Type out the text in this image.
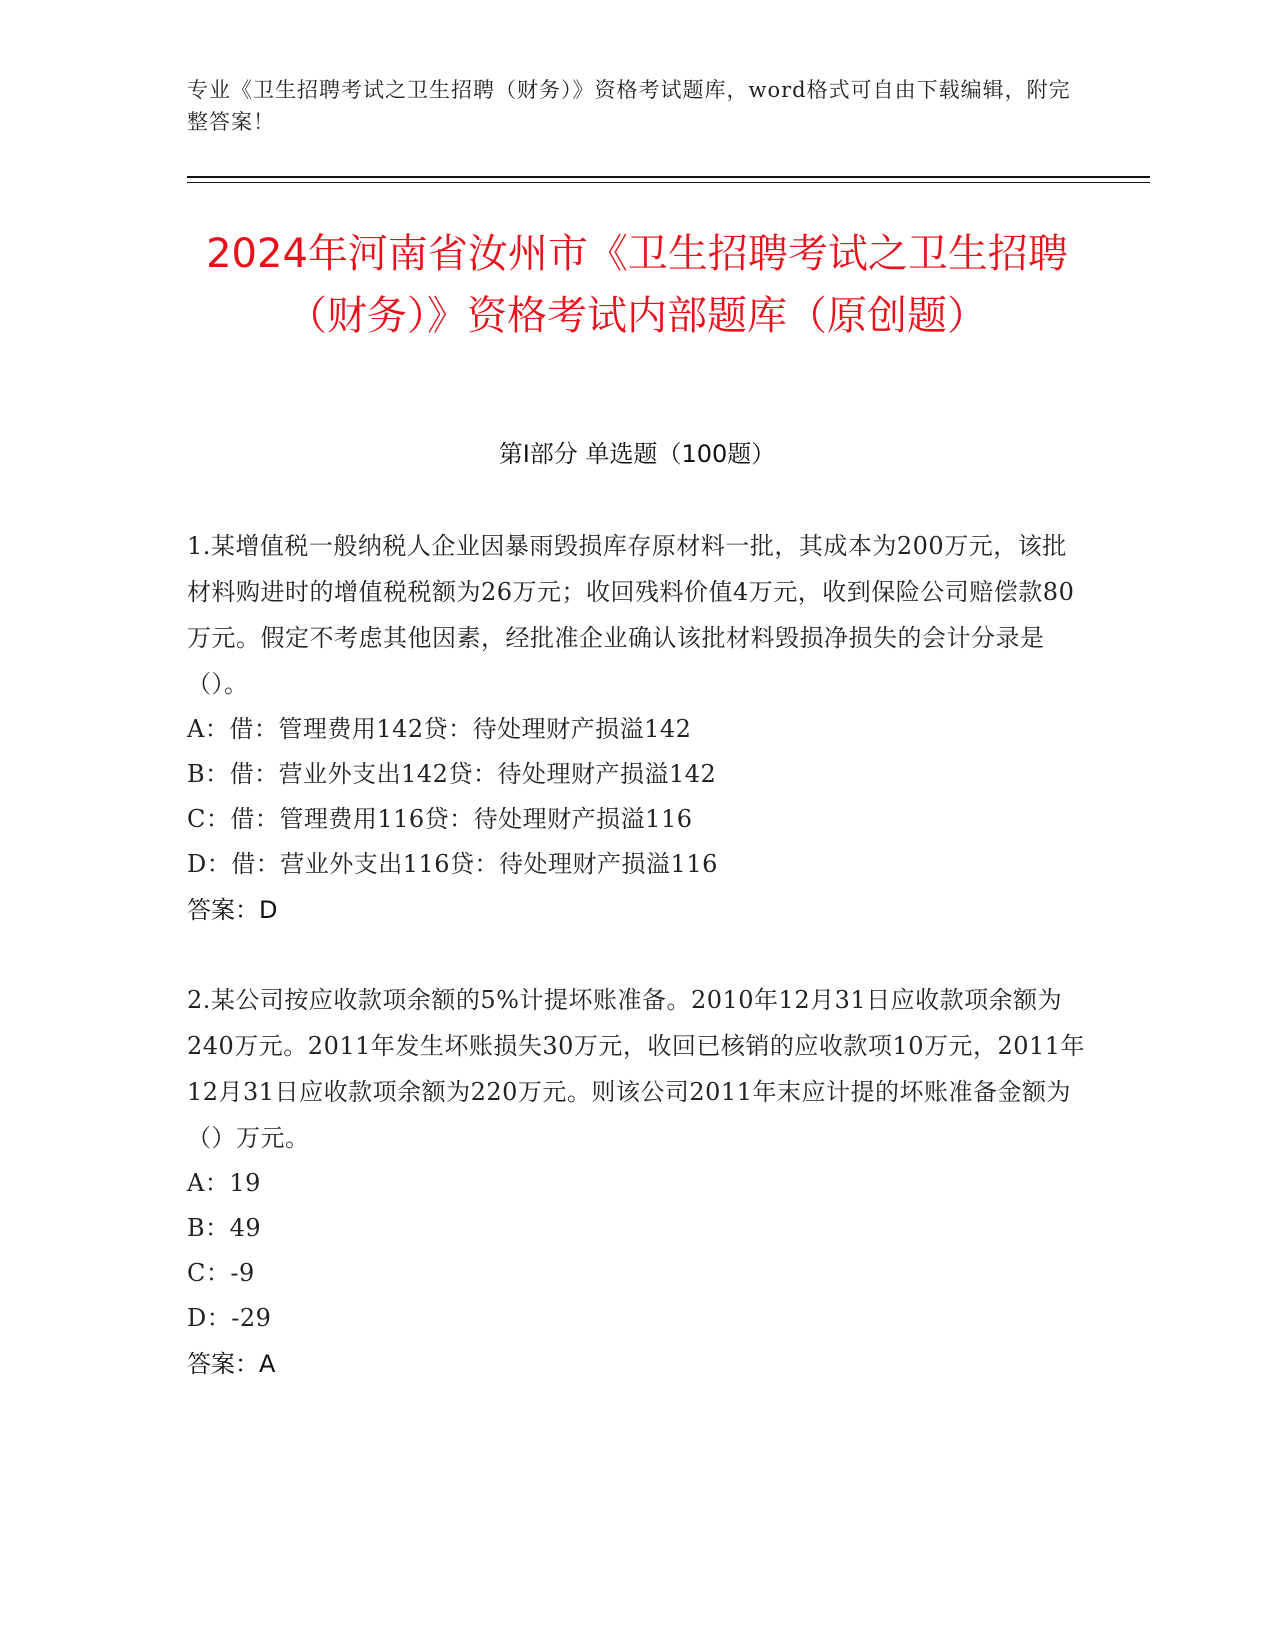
专业《卫生招聘考试之卫生招聘（财务）》资格考试题库，word格式可自由下载编辑，附完整答案！
2024年河南省汝州市《卫生招聘考试之卫生招聘（财务）》资格考试内部题库（原创题）
第I部分 单选题（100题）
1.某增值税一般纳税人企业因暴雨毁损库存原材料一批，其成本为200万元，该批材料购进时的增值税税额为26万元；收回残料价值4万元，收到保险公司赔偿款80万元。假定不考虑其他因素，经批准企业确认该批材料毁损净损失的会计分录是（）。
A：借：管理费用142贷：待处理财产损溢142
B：借：营业外支出142贷：待处理财产损溢142
C：借：管理费用116贷：待处理财产损溢116
D：借：营业外支出116贷：待处理财产损溢116
答案：D
2.某公司按应收款项余额的5%计提坏账准备。2010年12月31日应收款项余额为240万元。2011年发生坏账损失30万元，收回已核销的应收款项10万元，2011年12月31日应收款项余额为220万元。则该公司2011年末应计提的坏账准备金额为（）万元。
A：19
B：49
C：-9
D：-29
答案：A
